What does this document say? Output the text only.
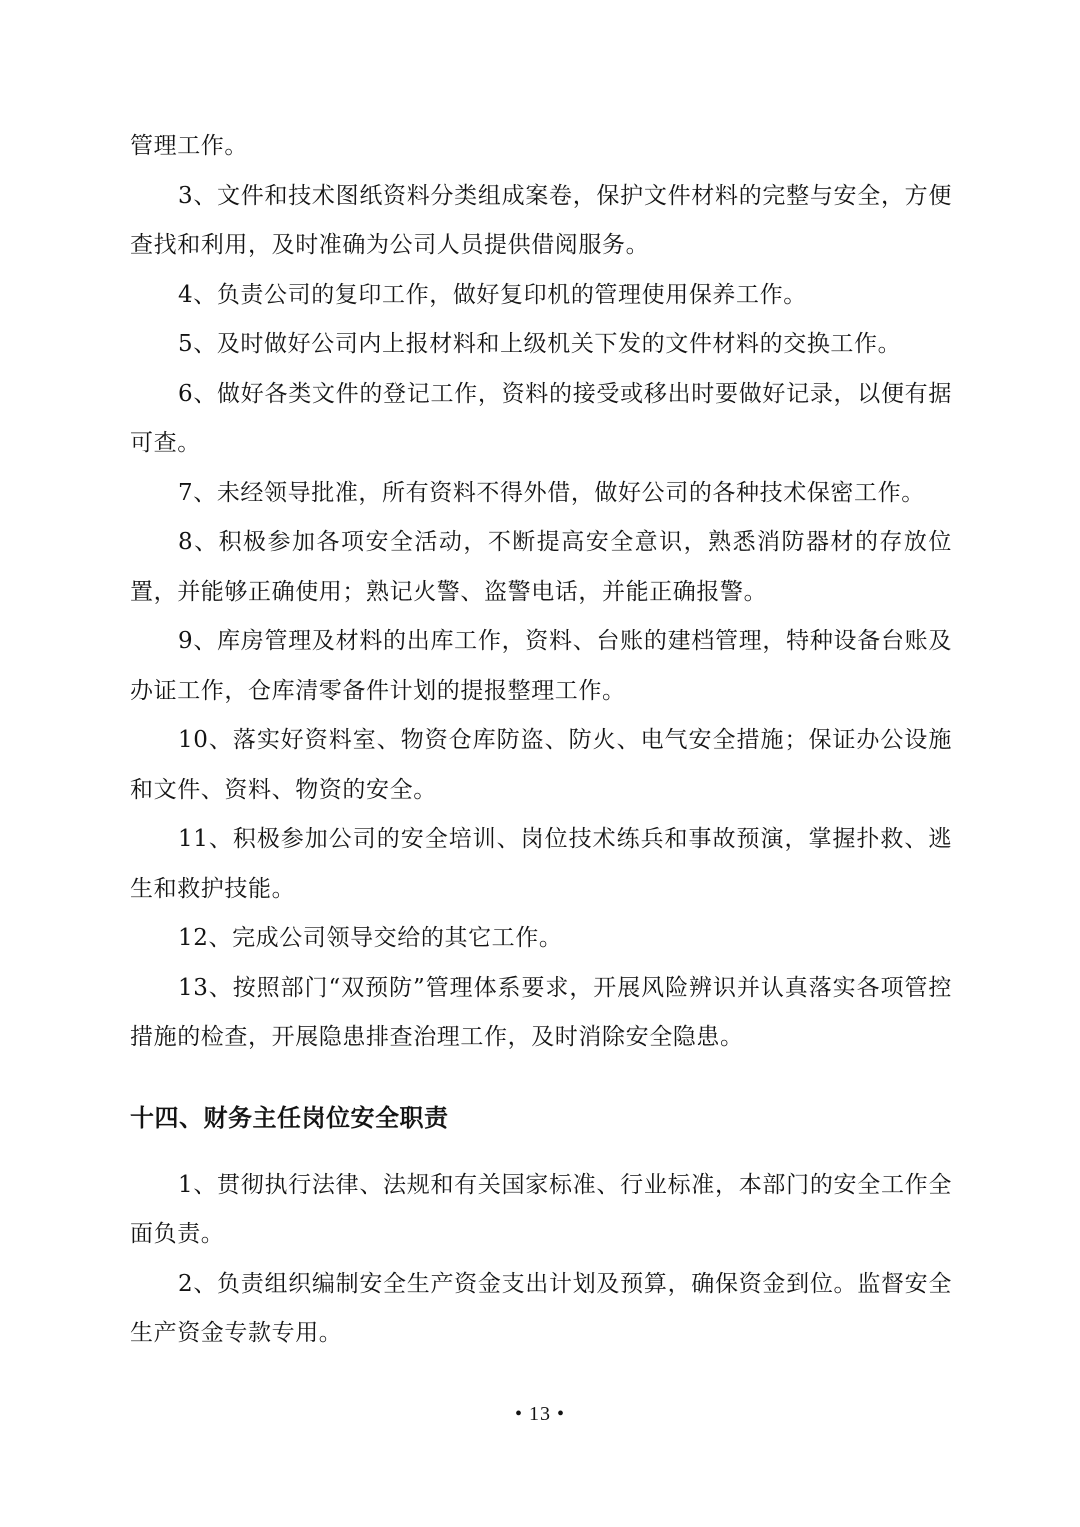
管理工作。

3、文件和技术图纸资料分类组成案卷，保护文件材料的完整与安全，方便查找和利用，及时准确为公司人员提供借阅服务。

4、负责公司的复印工作，做好复印机的管理使用保养工作。

5、及时做好公司内上报材料和上级机关下发的文件材料的交换工作。

6、做好各类文件的登记工作，资料的接受或移出时要做好记录，以便有据可查。

7、未经领导批准，所有资料不得外借，做好公司的各种技术保密工作。

8、积极参加各项安全活动，不断提高安全意识，熟悉消防器材的存放位置，并能够正确使用；熟记火警、盗警电话，并能正确报警。

9、库房管理及材料的出库工作，资料、台账的建档管理，特种设备台账及办证工作，仓库清零备件计划的提报整理工作。

10、落实好资料室、物资仓库防盗、防火、电气安全措施；保证办公设施和文件、资料、物资的安全。

11、积极参加公司的安全培训、岗位技术练兵和事故预演，掌握扑救、逃生和救护技能。

12、完成公司领导交给的其它工作。

13、按照部门“双预防”管理体系要求，开展风险辨识并认真落实各项管控措施的检查，开展隐患排查治理工作，及时消除安全隐患。

十四、财务主任岗位安全职责

1、贯彻执行法律、法规和有关国家标准、行业标准，本部门的安全工作全面负责。

2、负责组织编制安全生产资金支出计划及预算，确保资金到位。监督安全生产资金专款专用。

• 13 •
